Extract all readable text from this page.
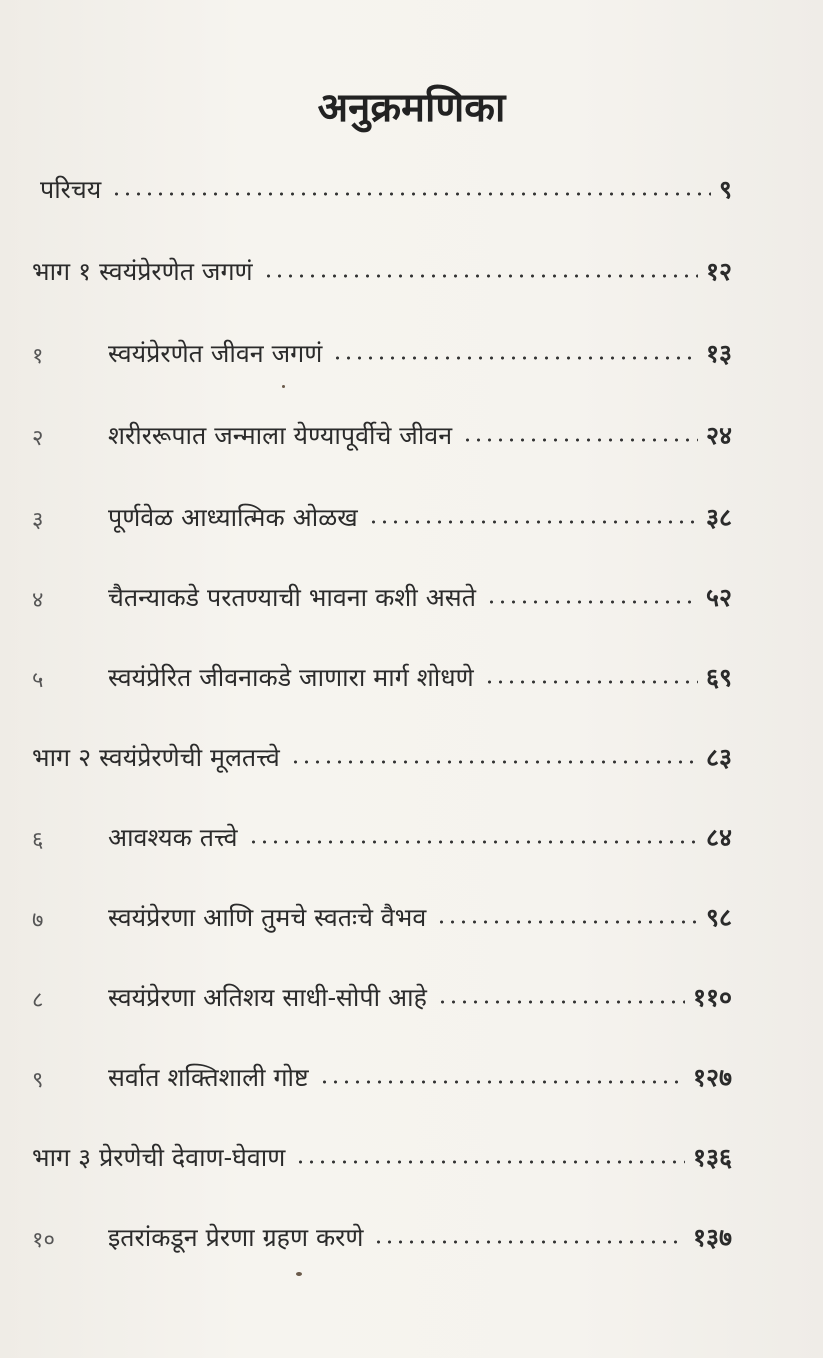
अनुक्रमणिका
परिचय	९
भाग १ स्वयंप्रेरणेत जगणं	१२
१	स्वयंप्रेरणेत जीवन जगणं	१३
२	शरीररूपात जन्माला येण्यापूर्वीचे जीवन	२४
३	पूर्णवेळ आध्यात्मिक ओळख	३८
४	चैतन्याकडे परतण्याची भावना कशी असते	५२
५	स्वयंप्रेरित जीवनाकडे जाणारा मार्ग शोधणे	६९
भाग २ स्वयंप्रेरणेची मूलतत्त्वे	८३
६	आवश्यक तत्त्वे	८४
७	स्वयंप्रेरणा आणि तुमचे स्वतःचे वैभव	९८
८	स्वयंप्रेरणा अतिशय साधी-सोपी आहे	११०
९	सर्वात शक्तिशाली गोष्ट	१२७
भाग ३ प्रेरणेची देवाण-घेवाण	१३६
१०	इतरांकडून प्रेरणा ग्रहण करणे	१३७
